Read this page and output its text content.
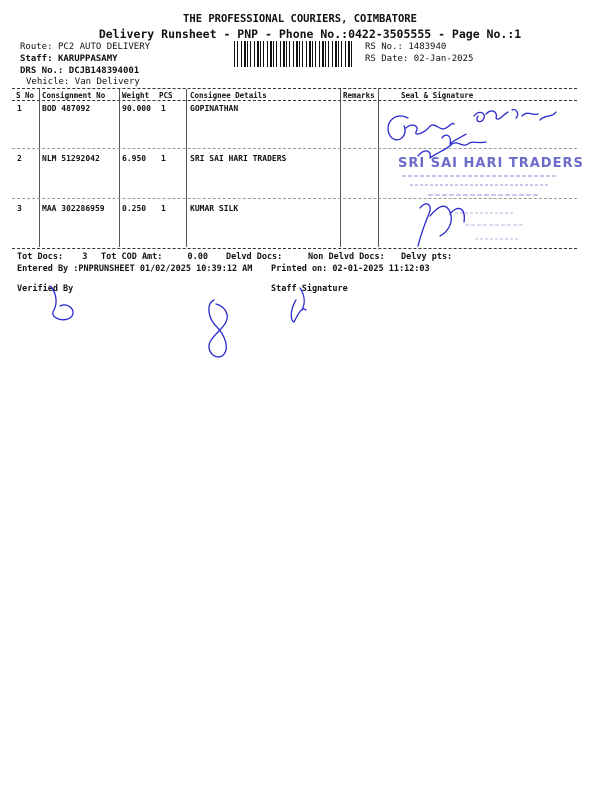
THE PROFESSIONAL COURIERS, COIMBATORE
Delivery Runsheet - PNP - Phone No.:0422-3505555 - Page No.:1
Route: PC2 AUTO DELIVERY
Staff: KARUPPASAMY
DRS No.: DCJB148394001
Vehicle: Van Delivery
RS No.: 1483940
RS Date: 02-Jan-2025
S No Consignment No Weight PCS Consignee Details	Remarks	Seal & Signature
1	BOD 487092	90.000 1	GOPINATHAN
2	NLM 51292042	6.950 1	SRI SAI HARI TRADERS
3	MAA 302286959 0.250 1	KUMAR SILK
SRI SAI HARI TRADERS
Tot Docs: 3 Tot COD Amt:	0.00 Delvd Docs:	Non Delvd Docs: Delvy pts:
Entered By :PNPRUNSHEET 01/02/2025 10:39:12 AM Printed on: 02-01-2025 11:12:03
Verified By	Staff Signature
